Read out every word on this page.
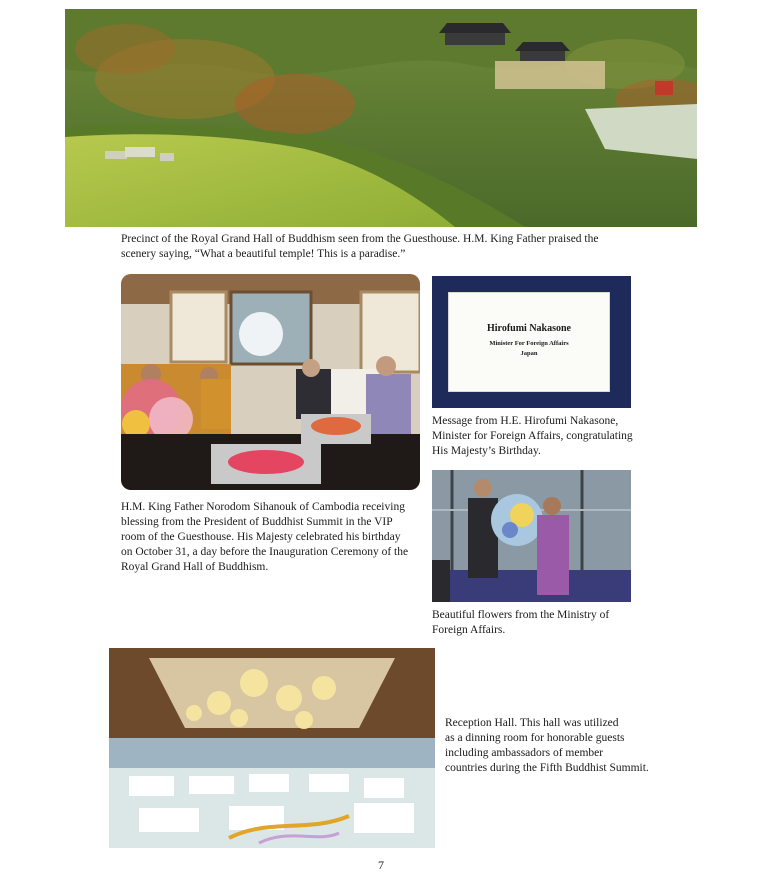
Precinct of the Royal Grand Hall of Buddhism seen from the Guesthouse. H.M. King Father praised the
scenery saying, “What a beautiful temple! This is a paradise.”

H.M. King Father Norodom Sihanouk of Cambodia receiving
blessing from the President of Buddhist Summit in the VIP
room of the Guesthouse. His Majesty celebrated his birthday
on October 31, a day before the Inauguration Ceremony of the
Royal Grand Hall of Buddhism.

Hirofumi Nakasone
Minister For Foreign Affairs
Japan

Message from H.E. Hirofumi Nakasone,
Minister for Foreign Affairs, congratulating
His Majesty’s Birthday.

Beautiful flowers from the Ministry of
Foreign Affairs.

Reception Hall. This hall was utilized
as a dinning room for honorable guests
including ambassadors of member
countries during the Fifth Buddhist Summit.

7
